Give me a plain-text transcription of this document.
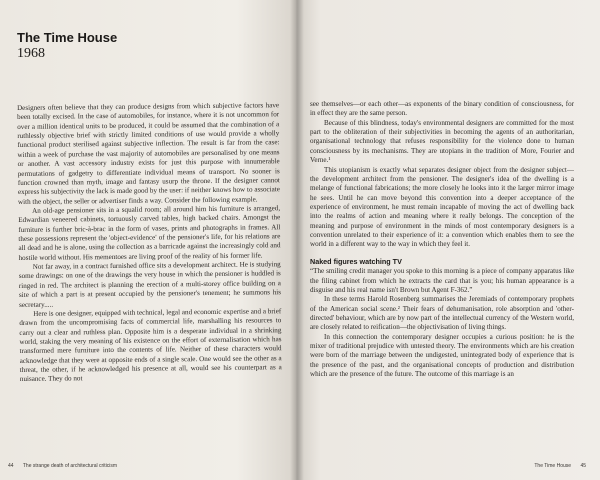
The Time House
1968

Designers often believe that they can produce designs from which subjective factors have been totally excised. In the case of automobiles, for instance, where it is not uncommon for over a million identical units to be produced, it could be assumed that the combination of a ruthlessly objective brief with strictly limited conditions of use would provide a wholly functional product sterilised against subjective inflection. The result is far from the case: within a week of purchase the vast majority of automobiles are personalised by one means or another. A vast accessory industry exists for just this purpose with innumerable permutations of gadgetry to differentiate individual means of transport. No sooner is function crowned than myth, image and fantasy usurp the throne. If the designer cannot express his subjectivity the lack is made good by the user: if neither knows how to associate with the object, the seller or advertiser finds a way. Consider the following example.

An old-age pensioner sits in a squalid room; all around him his furniture is arranged, Edwardian veneered cabinets, tortuously carved tables, high backed chairs. Amongst the furniture is further bric-à-brac in the form of vases, prints and photographs in frames. All these possessions represent the 'object-evidence' of the pensioner's life, for his relations are all dead and he is alone, using the collection as a barricade against the increasingly cold and hostile world without. His mementoes are living proof of the reality of his former life.

Not far away, in a contract furnished office sits a development architect. He is studying some drawings: on one of the drawings the very house in which the pensioner is huddled is ringed in red. The architect is planning the erection of a multi-storey office building on a site of which a part is at present occupied by the pensioner's tenement; he summons his secretary.....

Here is one designer, equipped with technical, legal and economic expertise and a brief drawn from the uncompromising facts of commercial life, marshalling his resources to carry out a clear and ruthless plan. Opposite him is a desperate individual in a shrinking world, staking the very meaning of his existence on the effort of externalisation which has transformed mere furniture into the contents of life. Neither of these characters would acknowledge that they were at opposite ends of a single scale. One would see the other as a threat, the other, if he acknowledged his presence at all, would see his counterpart as a nuisance. They do not

44 The strange death of architectural criticism

see themselves—or each other—as exponents of the binary condition of consciousness, for in effect they are the same person.

Because of this blindness, today's environmental designers are committed for the most part to the obliteration of their subjectivities in becoming the agents of an authoritarian, organisational technology that refuses responsibility for the violence done to human consciousness by its mechanisms. They are utopians in the tradition of More, Fourier and Verne.¹

This utopianism is exactly what separates designer object from the designer subject—the development architect from the pensioner. The designer's idea of the dwelling is a melange of functional fabrications; the more closely he looks into it the larger mirror image he sees. Until he can move beyond this convention into a deeper acceptance of the experience of environment, he must remain incapable of moving the act of dwelling back into the realms of action and meaning where it really belongs. The conception of the meaning and purpose of environment in the minds of most contemporary designers is a convention unrelated to their experience of it: a convention which enables them to see the world in a different way to the way in which they feel it.

Naked figures watching TV

“The smiling credit manager you spoke to this morning is a piece of company apparatus like the filing cabinet from which he extracts the card that is you; his human appearance is a disguise and his real name isn't Brown but Agent F-362.”

In these terms Harold Rosenberg summarises the Jeremiads of contemporary prophets of the American social scene.² Their fears of dehumanisation, role absorption and 'other-directed' behaviour, which are by now part of the intellectual currency of the Western world, are closely related to reification—the objectivisation of living things.

In this connection the contemporary designer occupies a curious position: he is the mixer of traditional prejudice with untested theory. The environments which are his creation were born of the marriage between the undigested, unintegrated body of experience that is the presence of the past, and the organisational concepts of production and distribution which are the presence of the future. The outcome of this marriage is an

The Time House 45
